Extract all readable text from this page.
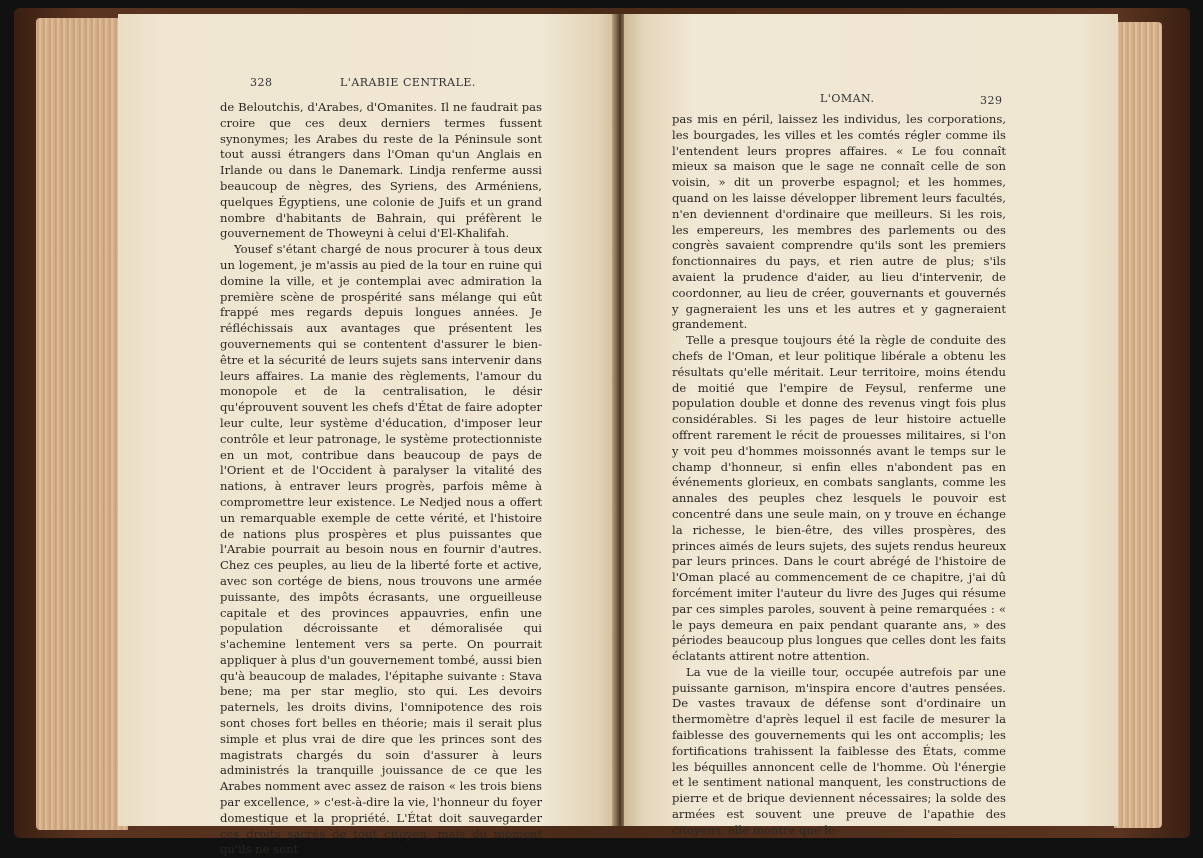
328	L'ARABIE CENTRALE.

de Beloutchis, d'Arabes, d'Omanites. Il ne faudrait pas croire que ces deux derniers termes fussent synonymes; les Arabes du reste de la Péninsule sont tout aussi étrangers dans l'Oman qu'un Anglais en Irlande ou dans le Danemark. Lindja renferme aussi beaucoup de nègres, des Syriens, des Arméniens, quelques Égyptiens, une colonie de Juifs et un grand nombre d'habitants de Bahrain, qui préfèrent le gouvernement de Thoweyni à celui d'El-Khalifah.

Yousef s'étant chargé de nous procurer à tous deux un logement, je m'assis au pied de la tour en ruine qui domine la ville, et je contemplai avec admiration la première scène de prospérité sans mélange qui eût frappé mes regards depuis longues années. Je réfléchissais aux avantages que présentent les gouvernements qui se contentent d'assurer le bien-être et la sécurité de leurs sujets sans intervenir dans leurs affaires. La manie des règlements, l'amour du monopole et de la centralisation, le désir qu'éprouvent souvent les chefs d'État de faire adopter leur culte, leur système d'éducation, d'imposer leur contrôle et leur patronage, le système protectionniste en un mot, contribue dans beaucoup de pays de l'Orient et de l'Occident à paralyser la vitalité des nations, à entraver leurs progrès, parfois même à compromettre leur existence. Le Nedjed nous a offert un remarquable exemple de cette vérité, et l'histoire de nations plus prospères et plus puissantes que l'Arabie pourrait au besoin nous en fournir d'autres. Chez ces peuples, au lieu de la liberté forte et active, avec son cortége de biens, nous trouvons une armée puissante, des impôts écrasants, une orgueilleuse capitale et des provinces appauvries, enfin une population décroissante et démoralisée qui s'achemine lentement vers sa perte. On pourrait appliquer à plus d'un gouvernement tombé, aussi bien qu'à beaucoup de malades, l'épitaphe suivante : Stava bene; ma per star meglio, sto qui. Les devoirs paternels, les droits divins, l'omnipotence des rois sont choses fort belles en théorie; mais il serait plus simple et plus vrai de dire que les princes sont des magistrats chargés du soin d'assurer à leurs administrés la tranquille jouissance de ce que les Arabes nomment avec assez de raison « les trois biens par excellence, » c'est-à-dire la vie, l'honneur du foyer domestique et la propriété. L'État doit sauvegarder ces droits sacrés de tout citoyen; mais du moment qu'ils ne sont

L'OMAN.	329

pas mis en péril, laissez les individus, les corporations, les bourgades, les villes et les comtés régler comme ils l'entendent leurs propres affaires. « Le fou connaît mieux sa maison que le sage ne connaît celle de son voisin, » dit un proverbe espagnol; et les hommes, quand on les laisse développer librement leurs facultés, n'en deviennent d'ordinaire que meilleurs. Si les rois, les empereurs, les membres des parlements ou des congrès savaient comprendre qu'ils sont les premiers fonctionnaires du pays, et rien autre de plus; s'ils avaient la prudence d'aider, au lieu d'intervenir, de coordonner, au lieu de créer, gouvernants et gouvernés y gagneraient les uns et les autres et y gagneraient grandement.

Telle a presque toujours été la règle de conduite des chefs de l'Oman, et leur politique libérale a obtenu les résultats qu'elle méritait. Leur territoire, moins étendu de moitié que l'empire de Feysul, renferme une population double et donne des revenus vingt fois plus considérables. Si les pages de leur histoire actuelle offrent rarement le récit de prouesses militaires, si l'on y voit peu d'hommes moissonnés avant le temps sur le champ d'honneur, si enfin elles n'abondent pas en événements glorieux, en combats sanglants, comme les annales des peuples chez lesquels le pouvoir est concentré dans une seule main, on y trouve en échange la richesse, le bien-être, des villes prospères, des princes aimés de leurs sujets, des sujets rendus heureux par leurs princes. Dans le court abrégé de l'histoire de l'Oman placé au commencement de ce chapitre, j'ai dû forcément imiter l'auteur du livre des Juges qui résume par ces simples paroles, souvent à peine remarquées : « le pays demeura en paix pendant quarante ans, » des périodes beaucoup plus longues que celles dont les faits éclatants attirent notre attention.

La vue de la vieille tour, occupée autrefois par une puissante garnison, m'inspira encore d'autres pensées. De vastes travaux de défense sont d'ordinaire un thermomètre d'après lequel il est facile de mesurer la faiblesse des gouvernements qui les ont accomplis; les fortifications trahissent la faiblesse des États, comme les béquilles annoncent celle de l'homme. Où l'énergie et le sentiment national manquent, les constructions de pierre et de brique deviennent nécessaires; la solde des armées est souvent une preuve de l'apathie des citoyens, elle montre que le
